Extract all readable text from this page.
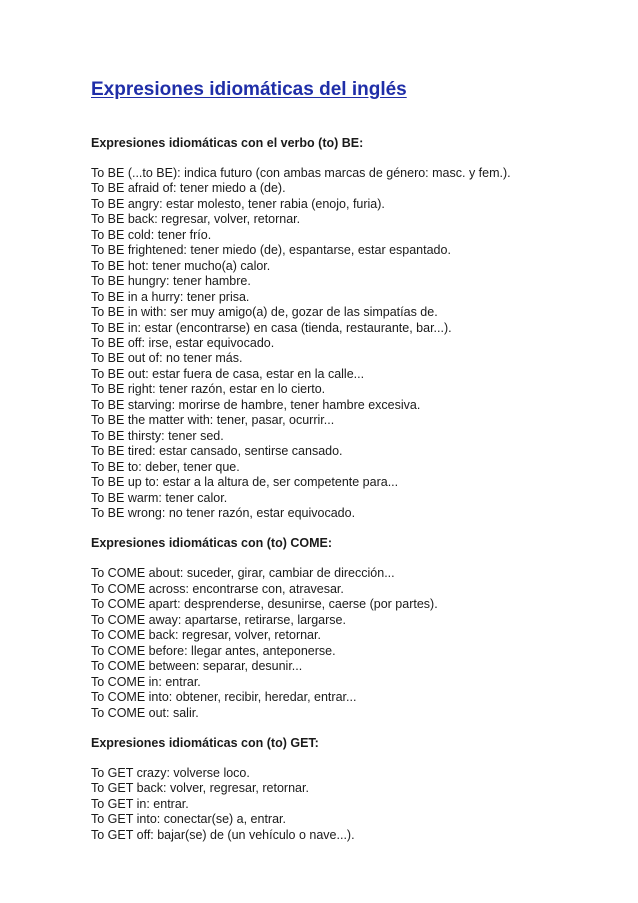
Expresiones idiomáticas del inglés
Expresiones idiomáticas con el verbo (to) BE:
To BE (...to BE): indica futuro (con ambas marcas de género: masc. y fem.).
To BE afraid of: tener miedo a (de).
To BE angry: estar molesto, tener rabia (enojo, furia).
To BE back: regresar, volver, retornar.
To BE cold: tener frío.
To BE frightened: tener miedo (de), espantarse, estar espantado.
To BE hot: tener mucho(a) calor.
To BE hungry: tener hambre.
To BE in a hurry: tener prisa.
To BE in with: ser muy amigo(a) de, gozar de las simpatías de.
To BE in: estar (encontrarse) en casa (tienda, restaurante, bar...).
To BE off: irse, estar equivocado.
To BE out of: no tener más.
To BE out: estar fuera de casa, estar en la calle...
To BE right: tener razón, estar en lo cierto.
To BE starving: morirse de hambre, tener hambre excesiva.
To BE the matter with: tener, pasar, ocurrir...
To BE thirsty: tener sed.
To BE tired: estar cansado, sentirse cansado.
To BE to: deber, tener que.
To BE up to: estar a la altura de, ser competente para...
To BE warm: tener calor.
To BE wrong: no tener razón, estar equivocado.
Expresiones idiomáticas con (to) COME:
To COME about: suceder, girar, cambiar de dirección...
To COME across: encontrarse con, atravesar.
To COME apart: desprenderse, desunirse, caerse (por partes).
To COME away: apartarse, retirarse, largarse.
To COME back: regresar, volver, retornar.
To COME before: llegar antes, anteponerse.
To COME between: separar, desunir...
To COME in: entrar.
To COME into: obtener, recibir, heredar, entrar...
To COME out: salir.
Expresiones idiomáticas con (to) GET:
To GET crazy: volverse loco.
To GET back: volver, regresar, retornar.
To GET in: entrar.
To GET into: conectar(se) a, entrar.
To GET off: bajar(se) de (un vehículo o nave...).
